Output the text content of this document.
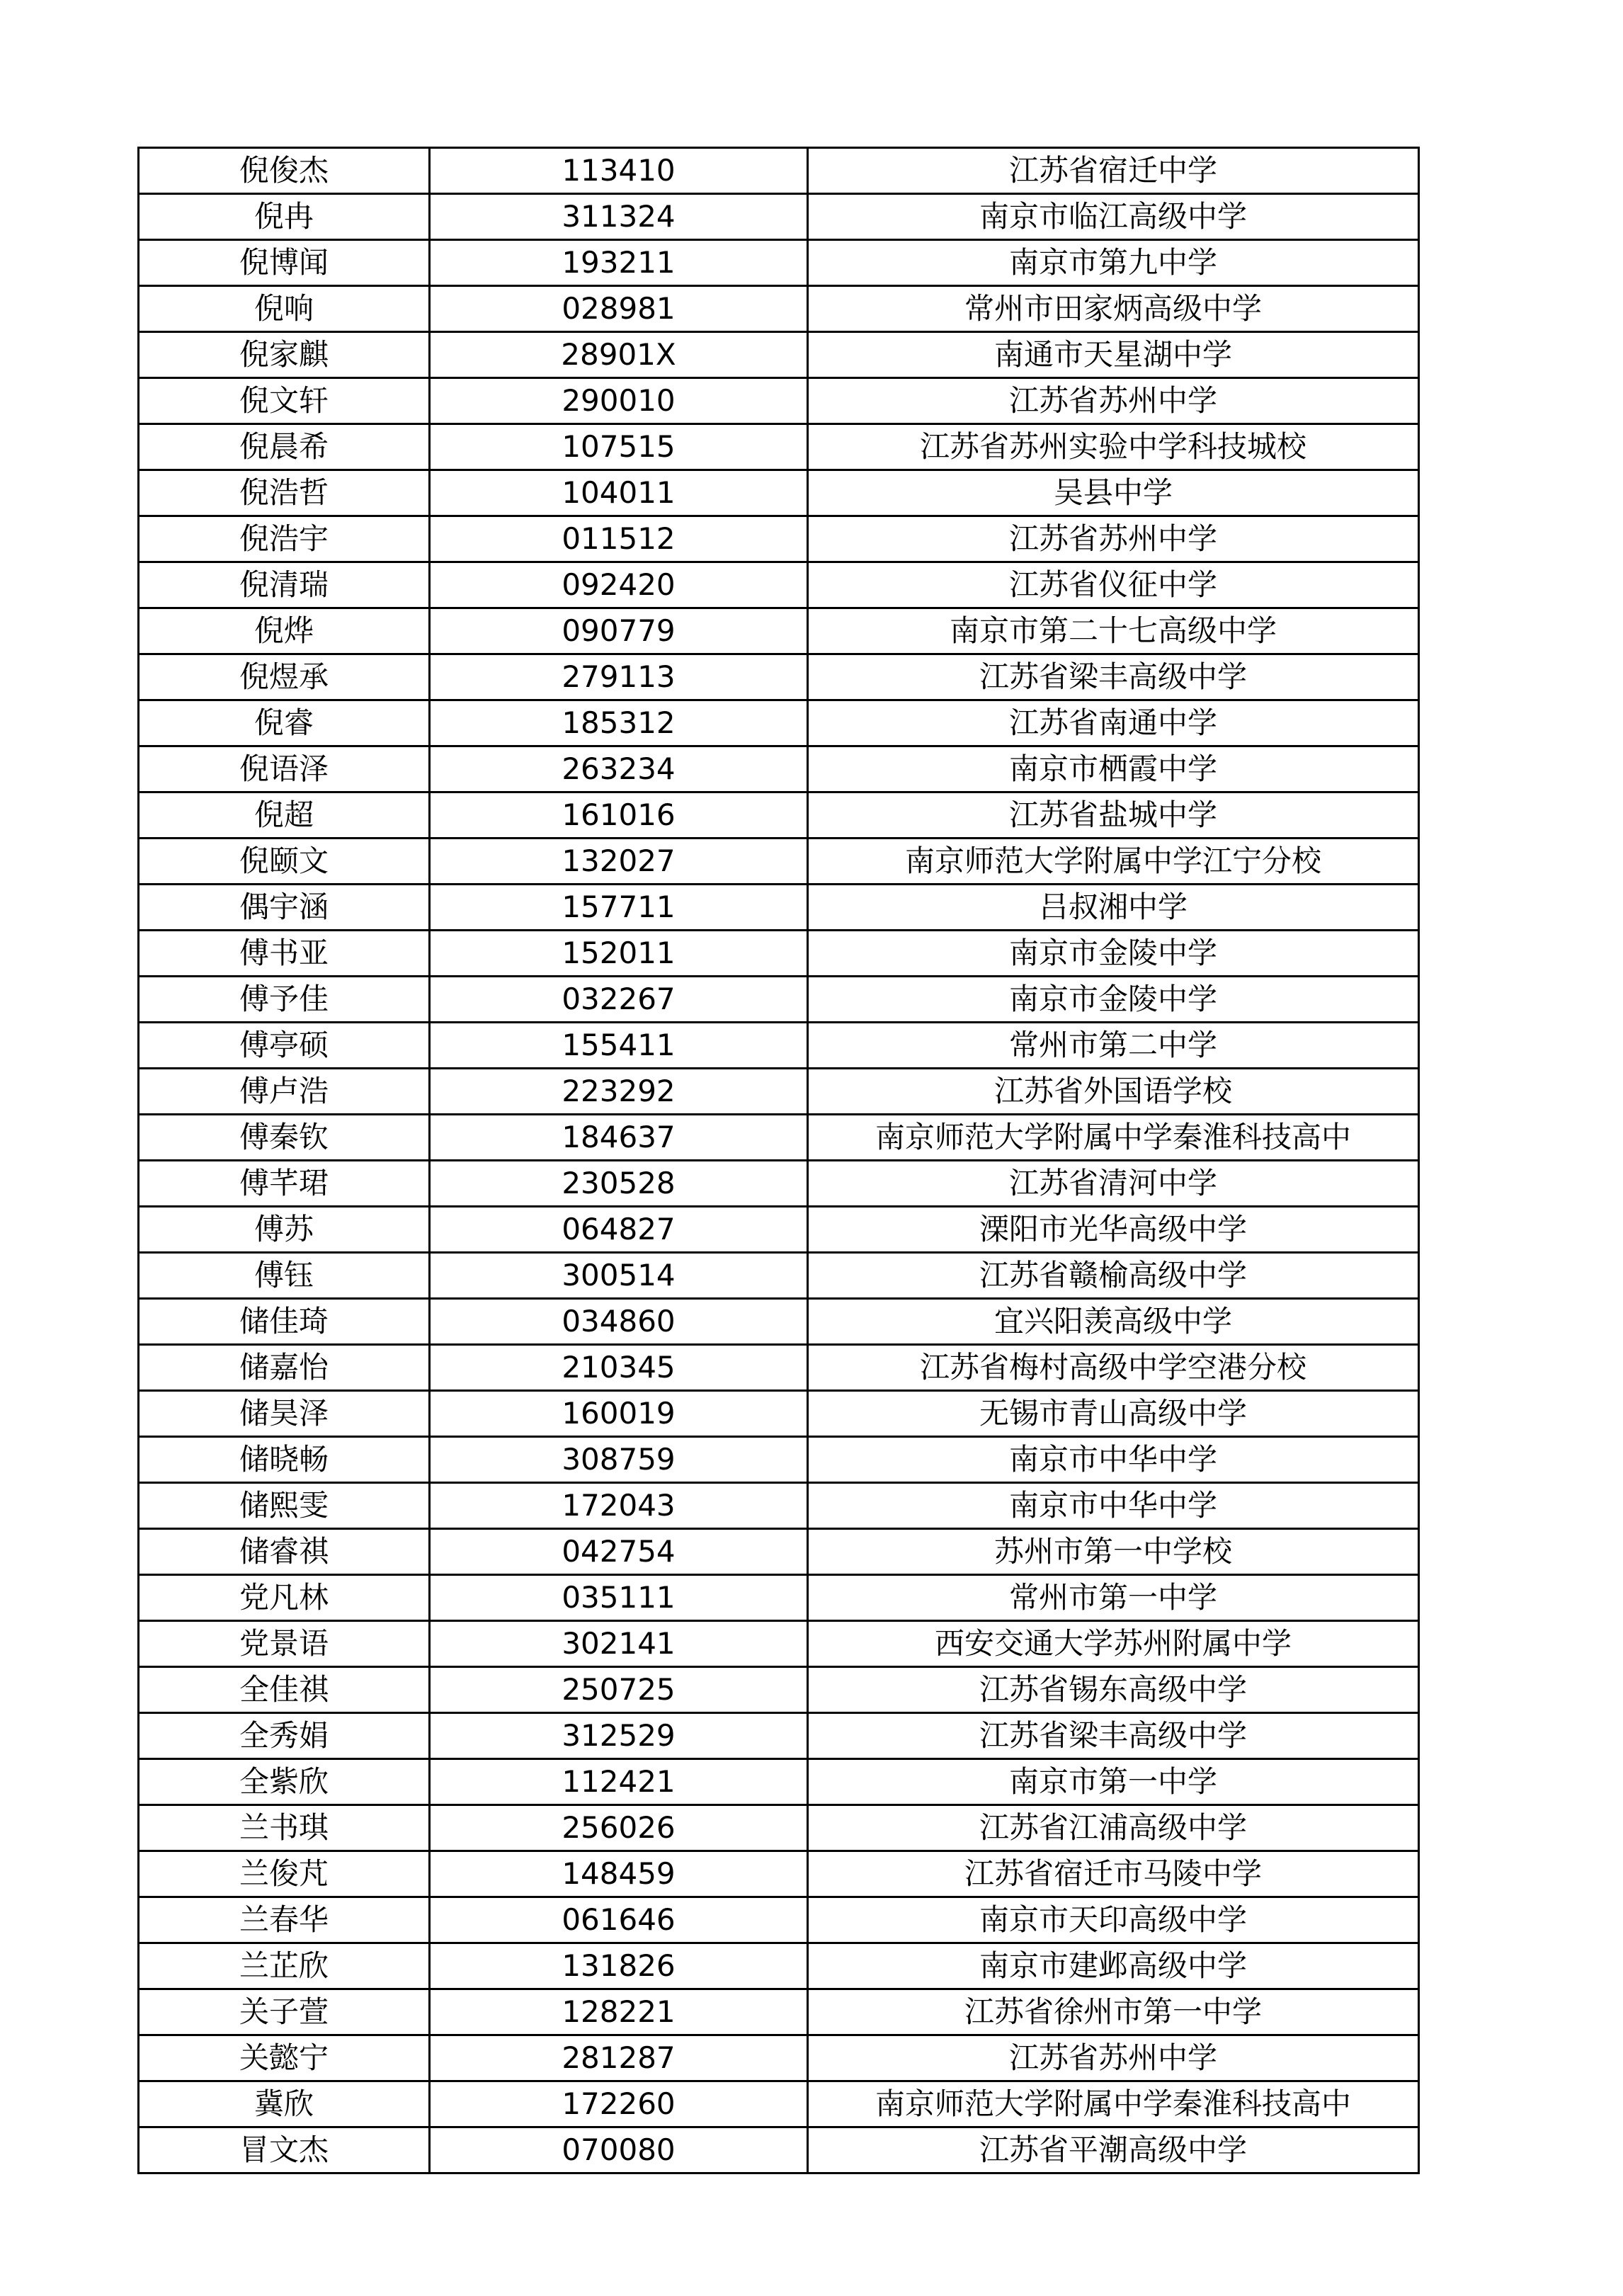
倪俊杰	113410	江苏省宿迁中学
倪冉	311324	南京市临江高级中学
倪博闻	193211	南京市第九中学
倪响	028981	常州市田家炳高级中学
倪家麒	28901X	南通市天星湖中学
倪文轩	290010	江苏省苏州中学
倪晨希	107515	江苏省苏州实验中学科技城校
倪浩哲	104011	吴县中学
倪浩宇	011512	江苏省苏州中学
倪清瑞	092420	江苏省仪征中学
倪烨	090779	南京市第二十七高级中学
倪煜承	279113	江苏省梁丰高级中学
倪睿	185312	江苏省南通中学
倪语泽	263234	南京市栖霞中学
倪超	161016	江苏省盐城中学
倪颐文	132027	南京师范大学附属中学江宁分校
偶宇涵	157711	吕叔湘中学
傅书亚	152011	南京市金陵中学
傅予佳	032267	南京市金陵中学
傅亭硕	155411	常州市第二中学
傅卢浩	223292	江苏省外国语学校
傅秦钦	184637	南京师范大学附属中学秦淮科技高中
傅芊珺	230528	江苏省清河中学
傅苏	064827	溧阳市光华高级中学
傅钰	300514	江苏省赣榆高级中学
储佳琦	034860	宜兴阳羡高级中学
储嘉怡	210345	江苏省梅村高级中学空港分校
储昊泽	160019	无锡市青山高级中学
储晓畅	308759	南京市中华中学
储熙雯	172043	南京市中华中学
储睿祺	042754	苏州市第一中学校
党凡林	035111	常州市第一中学
党景语	302141	西安交通大学苏州附属中学
全佳祺	250725	江苏省锡东高级中学
全秀娟	312529	江苏省梁丰高级中学
全紫欣	112421	南京市第一中学
兰书琪	256026	江苏省江浦高级中学
兰俊芃	148459	江苏省宿迁市马陵中学
兰春华	061646	南京市天印高级中学
兰芷欣	131826	南京市建邺高级中学
关子萱	128221	江苏省徐州市第一中学
关懿宁	281287	江苏省苏州中学
冀欣	172260	南京师范大学附属中学秦淮科技高中
冒文杰	070080	江苏省平潮高级中学
